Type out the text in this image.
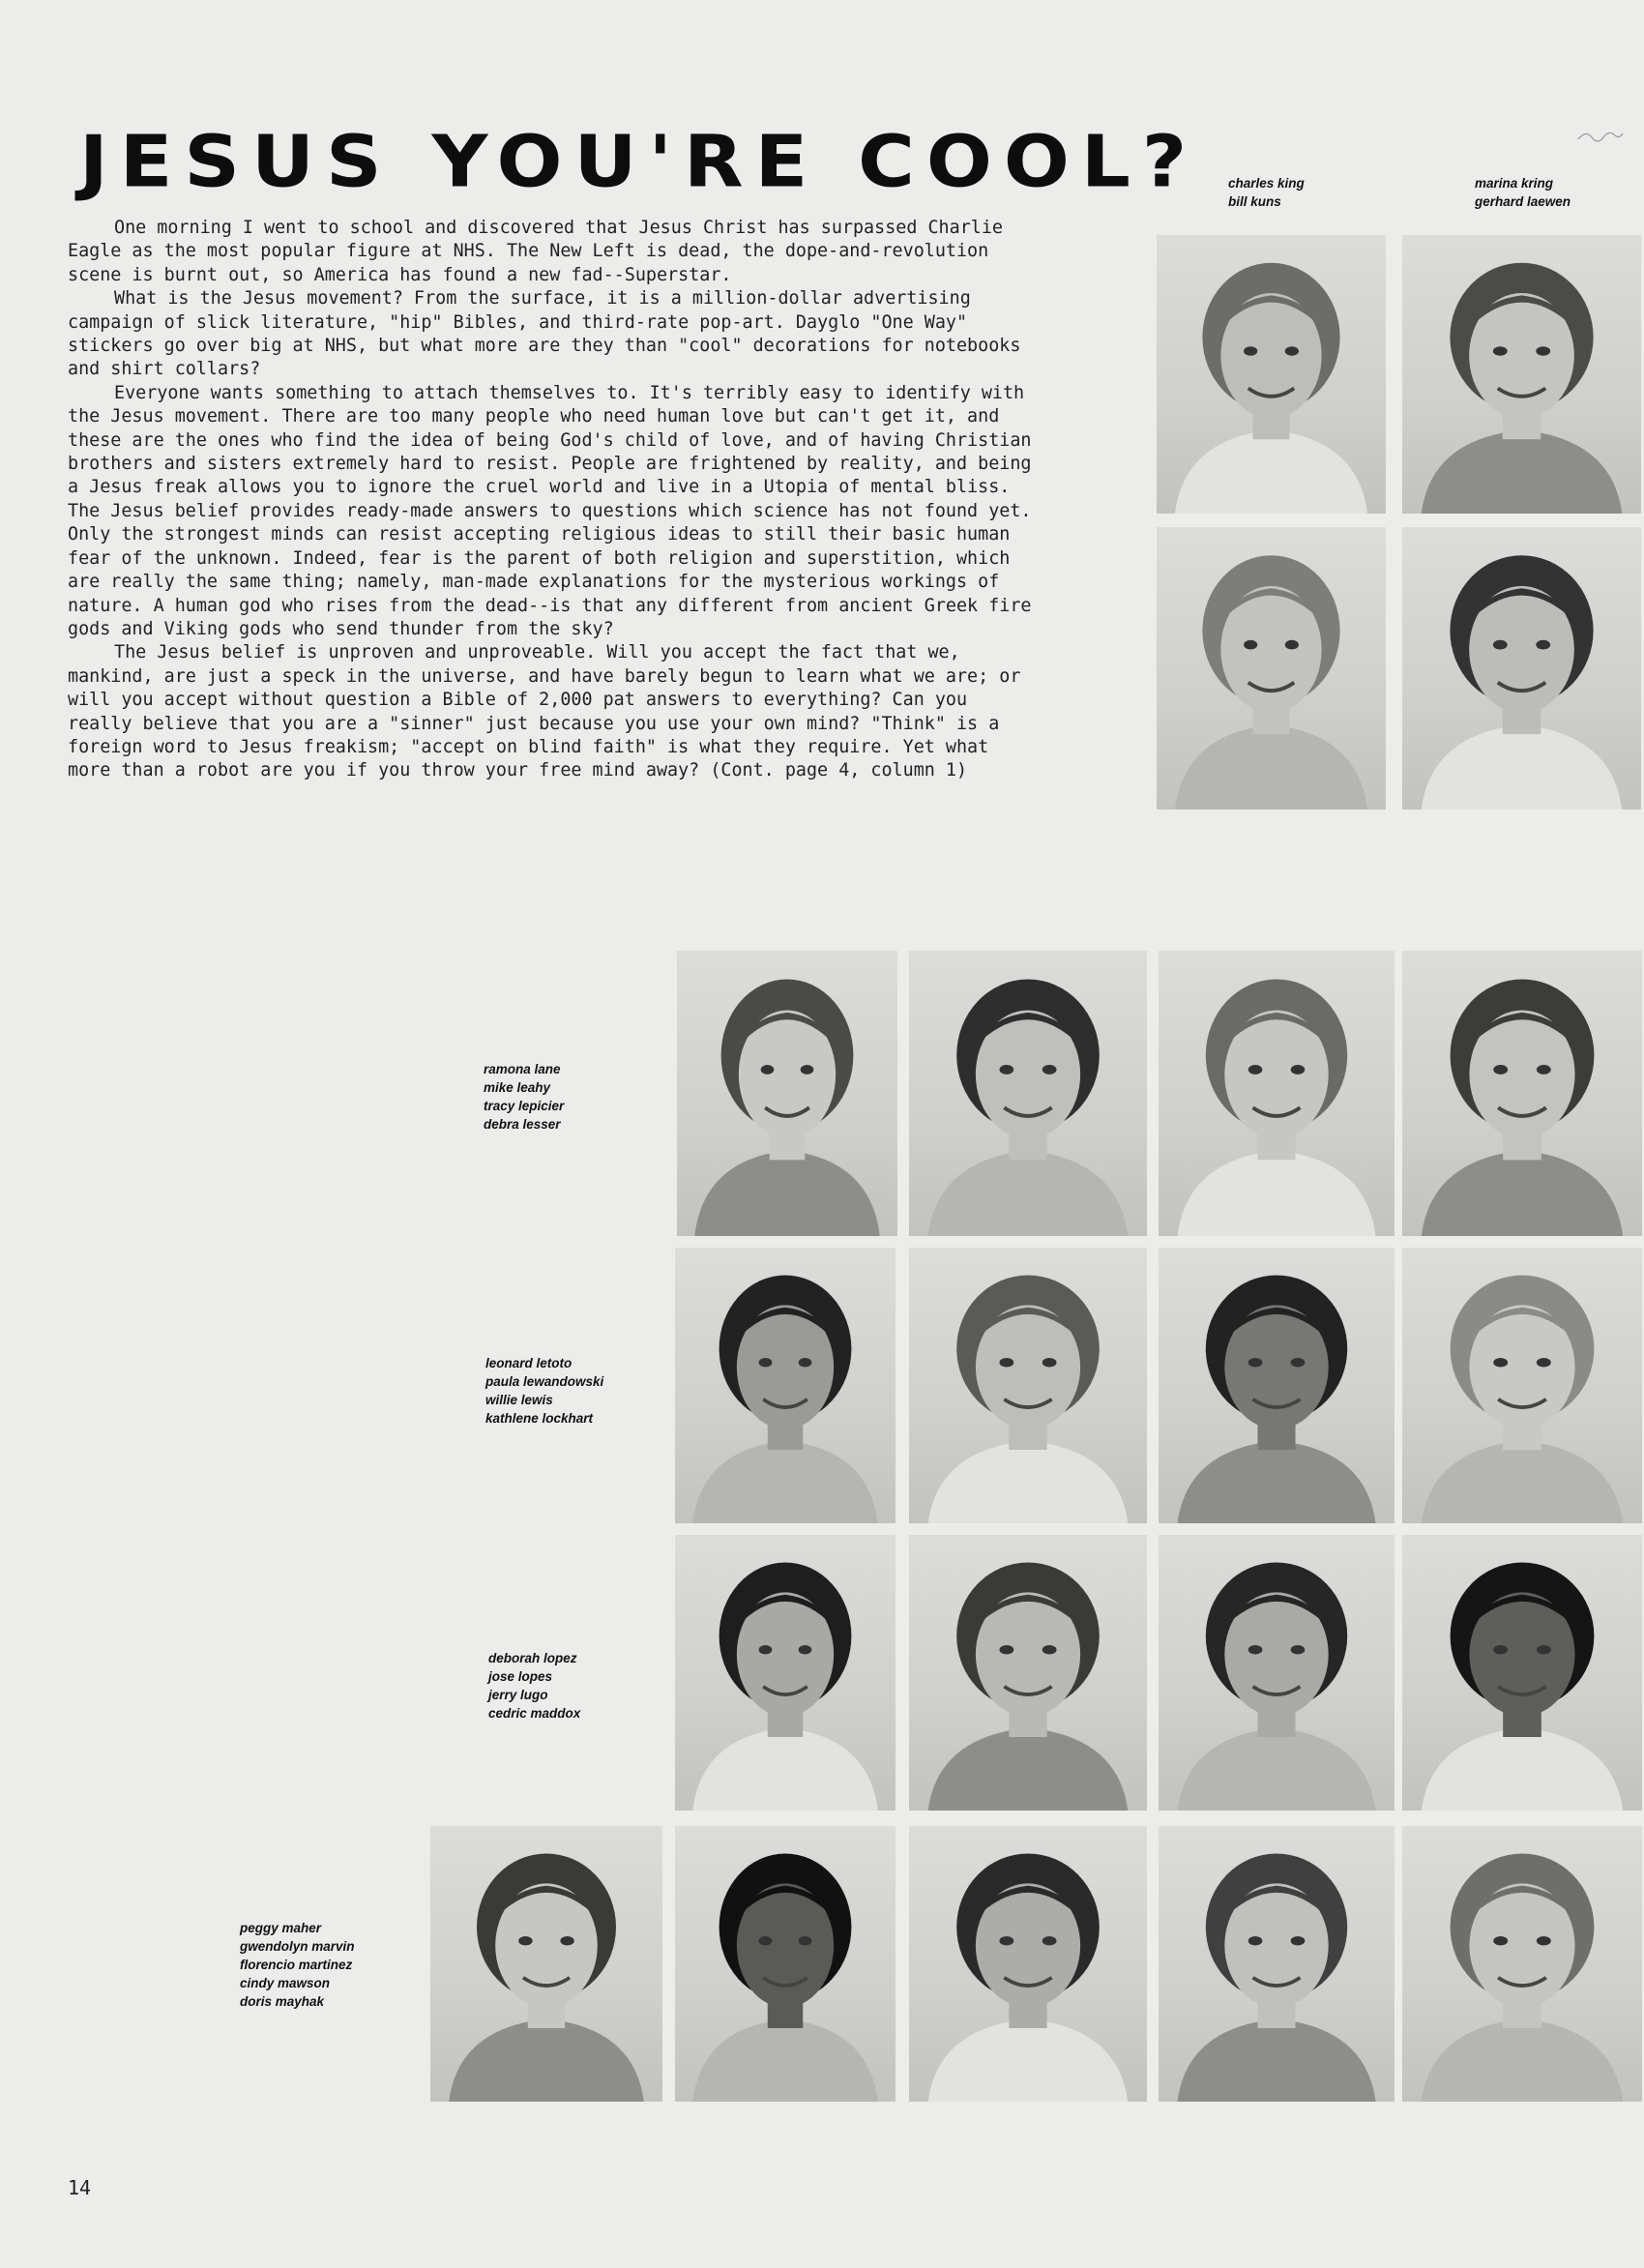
JESUS YOU'RE COOL?

One morning I went to school and discovered that Jesus Christ has surpassed Charlie Eagle as the most popular figure at NHS. The New Left is dead, the dope-and-revolution scene is burnt out, so America has found a new fad--Superstar.

What is the Jesus movement? From the surface, it is a million-dollar advertising campaign of slick literature, "hip" Bibles, and third-rate pop-art. Dayglo "One Way" stickers go over big at NHS, but what more are they than "cool" decorations for notebooks and shirt collars?

Everyone wants something to attach themselves to. It's terribly easy to identify with the Jesus movement. There are too many people who need human love but can't get it, and these are the ones who find the idea of being God's child of love, and of having Christian brothers and sisters extremely hard to resist. People are frightened by reality, and being a Jesus freak allows you to ignore the cruel world and live in a Utopia of mental bliss. The Jesus belief provides ready-made answers to questions which science has not found yet. Only the strongest minds can resist accepting religious ideas to still their basic human fear of the unknown. Indeed, fear is the parent of both religion and superstition, which are really the same thing; namely, man-made explanations for the mysterious workings of nature. A human god who rises from the dead--is that any different from ancient Greek fire gods and Viking gods who send thunder from the sky?

The Jesus belief is unproven and unproveable. Will you accept the fact that we, mankind, are just a speck in the universe, and have barely begun to learn what we are; or will you accept without question a Bible of 2,000 pat answers to everything? Can you really believe that you are a "sinner" just because you use your own mind? "Think" is a foreign word to Jesus freakism; "accept on blind faith" is what they require. Yet what more than a robot are you if you throw your free mind away? (Cont. page 4, column 1)

charles king
bill kuns
marina kring
gerhard laewen
ramona lane
mike leahy
tracy lepicier
debra lesser
leonard letoto
paula lewandowski
willie lewis
kathlene lockhart
deborah lopez
jose lopes
jerry lugo
cedric maddox
peggy maher
gwendolyn marvin
florencio martinez
cindy mawson
doris mayhak
14
